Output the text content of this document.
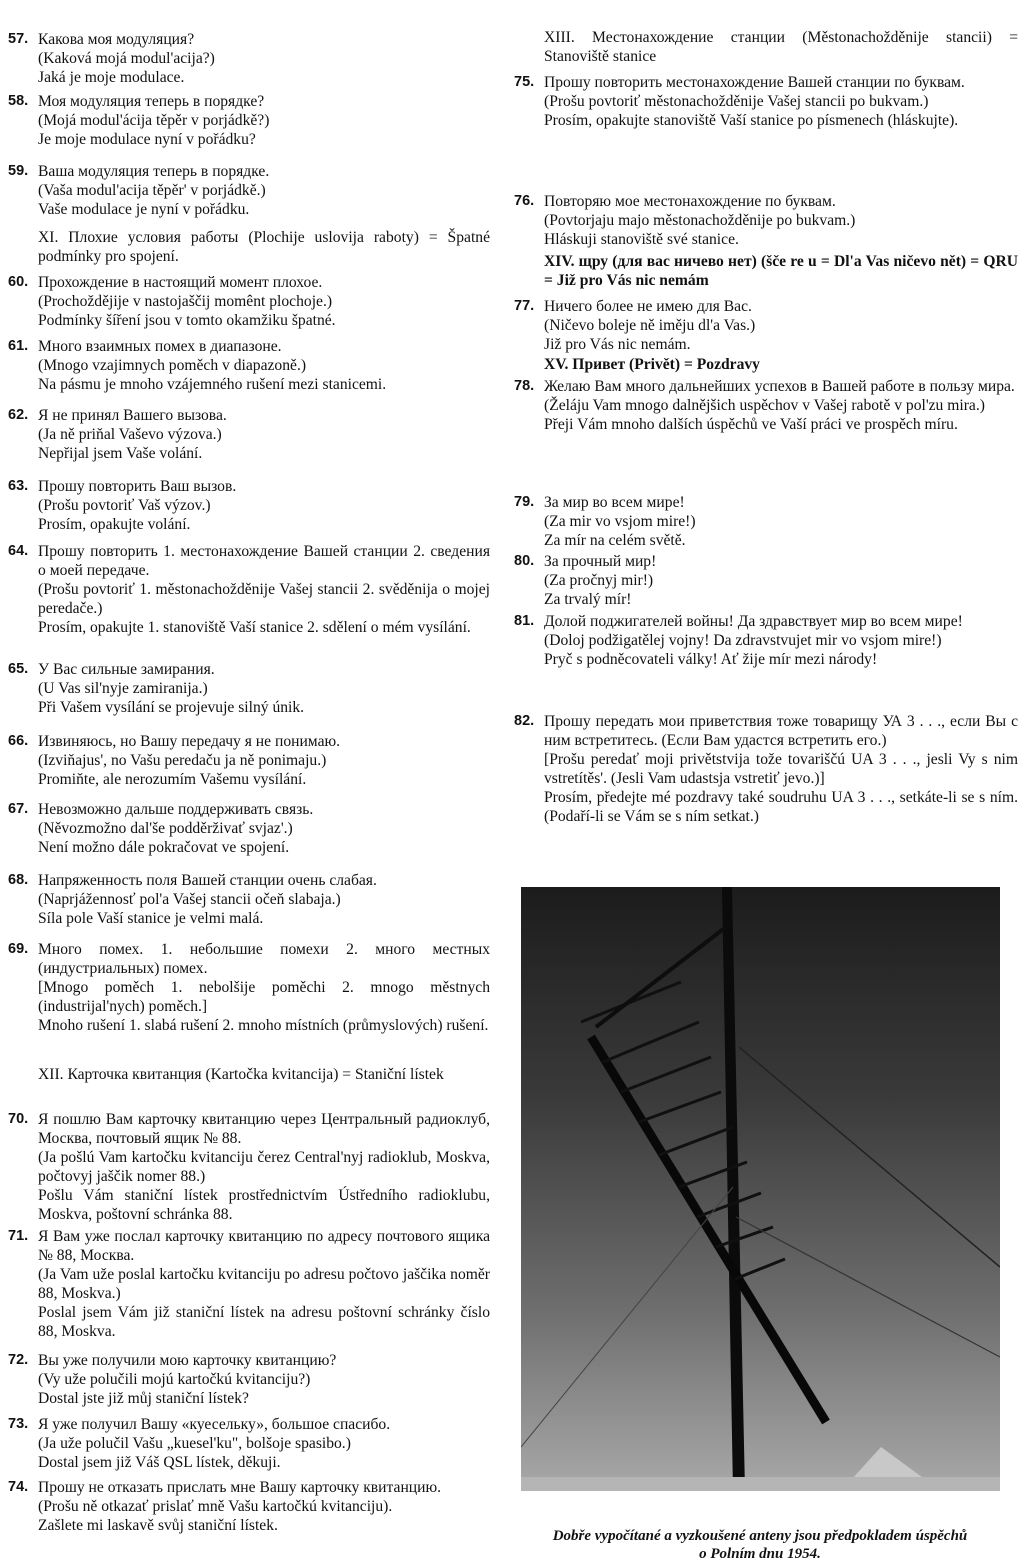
57. Какова моя модуляция?
(Kaková mojá modul'acija?)
Jaká je moje modulace.
58. Моя модуляция теперь в порядке?
(Mojá modul'ácija těpěr v porjádkě?)
Je moje modulace nyní v pořádku?
59. Ваша модуляция теперь в порядке.
(Vaša modul'acija těpěr' v porjádkě.)
Vaše modulace je nyní v pořádku.
60. Прохождение в настоящий момент плохое.
(Prochoždějije v nastojaščij momênt plochoje.)
Podmínky šíření jsou v tomto okamžiku špatné.
61. Много взаимных помех в диапазоне.
(Mnogo vzajimnych poměch v diapazoně.)
Na pásmu je mnoho vzájemného rušení mezi stanicemi.
62. Я не принял Вашего вызова.
(Ja ně priňal Vaševo výzova.)
Nepřijal jsem Vaše volání.
63. Прошу повторить Ваш вызов.
(Prošu povtoriť Vaš výzov.)
Prosím, opakujte volání.
64. Прошу повторить 1. местонахождение Вашей станции 2. сведения о моей передаче.
(Prošu povtoriť 1. městonachožděnije Vašej stancii 2. svěděnija o mojej peredače.)
Prosím, opakujte 1. stanoviště Vaší stanice 2. sdělení o mém vysílání.
65. У Вас сильные замирания.
(U Vas sil'nyje zamiranija.)
Při Vašem vysílání se projevuje silný únik.
66. Извиняюсь, но Вашу передачу я не понимаю.
(Izviňajus', no Vašu peredaču ja ně ponimaju.)
Promiňte, ale nerozumím Vašemu vysílání.
67. Невозможно дальше поддерживать связь.
(Něvozmožno dal'še podděrživať svjaz'.)
Není možno dále pokračovat ve spojení.
68. Напряженность поля Вашей станции очень слабая.
(Naprjážennosť pol'a Vašej stancii očeň slabaja.)
Síla pole Vaší stanice je velmi malá.
69. Много помех. 1. небольшие помехи 2. много местных (индустриальных) помех.
[Mnogo poměch 1. nebolšije poměchi 2. mnogo městnych (industrijal'nych) poměch.]
Mnoho rušení 1. slabá rušení 2. mnoho místních (průmyslových) rušení.
70. Я пошлю Вам карточку квитанцию через Центральный радиоклуб, Москва, почтовый ящик № 88.
(Ja pošlú Vam kartočku kvitanciju čerez Central'nyj radioklub, Moskva, počtovyj jaščik nomer 88.)
Pošlu Vám staniční lístek prostřednictvím Ústředního radioklubu, Moskva, poštovní schránka 88.
71. Я Вам уже послал карточку квитанцию по адресу почтового ящика № 88, Москва.
(Ja Vam uže poslal kartočku kvitanciju po adresu počtovo jaščika noměr 88, Moskva.)
Poslal jsem Vám již staniční lístek na adresu poštovní schránky číslo 88, Moskva.
72. Вы уже получили мою карточку квитанцию?
(Vy uže polučili mojú kartočkú kvitanciju?)
Dostal jste již můj staniční lístek?
73. Я уже получил Вашу «куесельку», большое спасибо.
(Ja uže polučil Vašu „kuesel'ku", bolšoje spasibo.)
Dostal jsem již Váš QSL lístek, děkuji.
74. Прошу не отказать прислать мне Вашу карточку квитанцию.
(Prošu ně otkazať prislať mně Vašu kartočkú kvitanciju).
Zašlete mi laskavě svůj staniční lístek.
XI. Плохие условия работы (Plochije uslovija raboty) = Špatné podmínky pro spojení.
XII. Карточка квитанция (Kartočka kvitancija) = Staniční lístek
75. Прошу повторить местонахождение Вашей станции по буквам.
(Prošu povtoriť městonachožděnije Vašej stancii po bukvam.)
Prosím, opakujte stanoviště Vaší stanice po písmenech (hláskujte).
76. Повторяю мое местонахождение по буквам.
(Povtorjaju majo městonachožděnije po bukvam.)
Hláskuji stanoviště své stanice.
77. Ничего более не имею для Вас.
(Ničevo boleje ně iměju dl'a Vas.)
Již pro Vás nic nemám.
78. Желаю Вам много дальнейших успехов в Вашей работе в пользу мира.
(Želáju Vam mnogo dalnějšich uspěchov v Vašej rabotě v pol'zu mira.)
Přeji Vám mnoho dalších úspěchů ve Vaší práci ve prospěch míru.
79. За мир во всем мире!
(Za mir vo vsjom mire!)
Za mír na celém světě.
80. За прочный мир!
(Za pročnyj mir!)
Za trvalý mír!
81. Долой поджигателей войны! Да здравствует мир во всем мире!
(Doloj podžigatělej vojny! Da zdravstvujet mir vo vsjom mire!)
Pryč s podněcovateli války! Ať žije mír mezi národy!
82. Прошу передать мои приветствия тоже товарищу УА 3 . . ., если Вы с ним встретитесь. (Если Вам удастся встретить его.)
[Prošu peredať moji privětstvija tože tovariščú UA 3 . . ., jesli Vy s nim vstretítěs'. (Jesli Vam udastsja vstretiť jevo.)]
Prosím, předejte mé pozdravy také soudruhu UA 3 . . ., setkáte-li se s ním. (Podaří-li se Vám se s ním setkat.)
XIII. Местонахождение станции (Městonachožděnije stancii) = Stanoviště stanice
XIV. щру (для вас ничево нет) (šče re u = Dl'a Vas ničevo nět) = QRU = Již pro Vás nic nemám
XV. Привет (Privět) = Pozdravy
Dobře vypočítané a vyzkoušené anteny jsou předpokladem úspěchů
o Polním dnu 1954.
